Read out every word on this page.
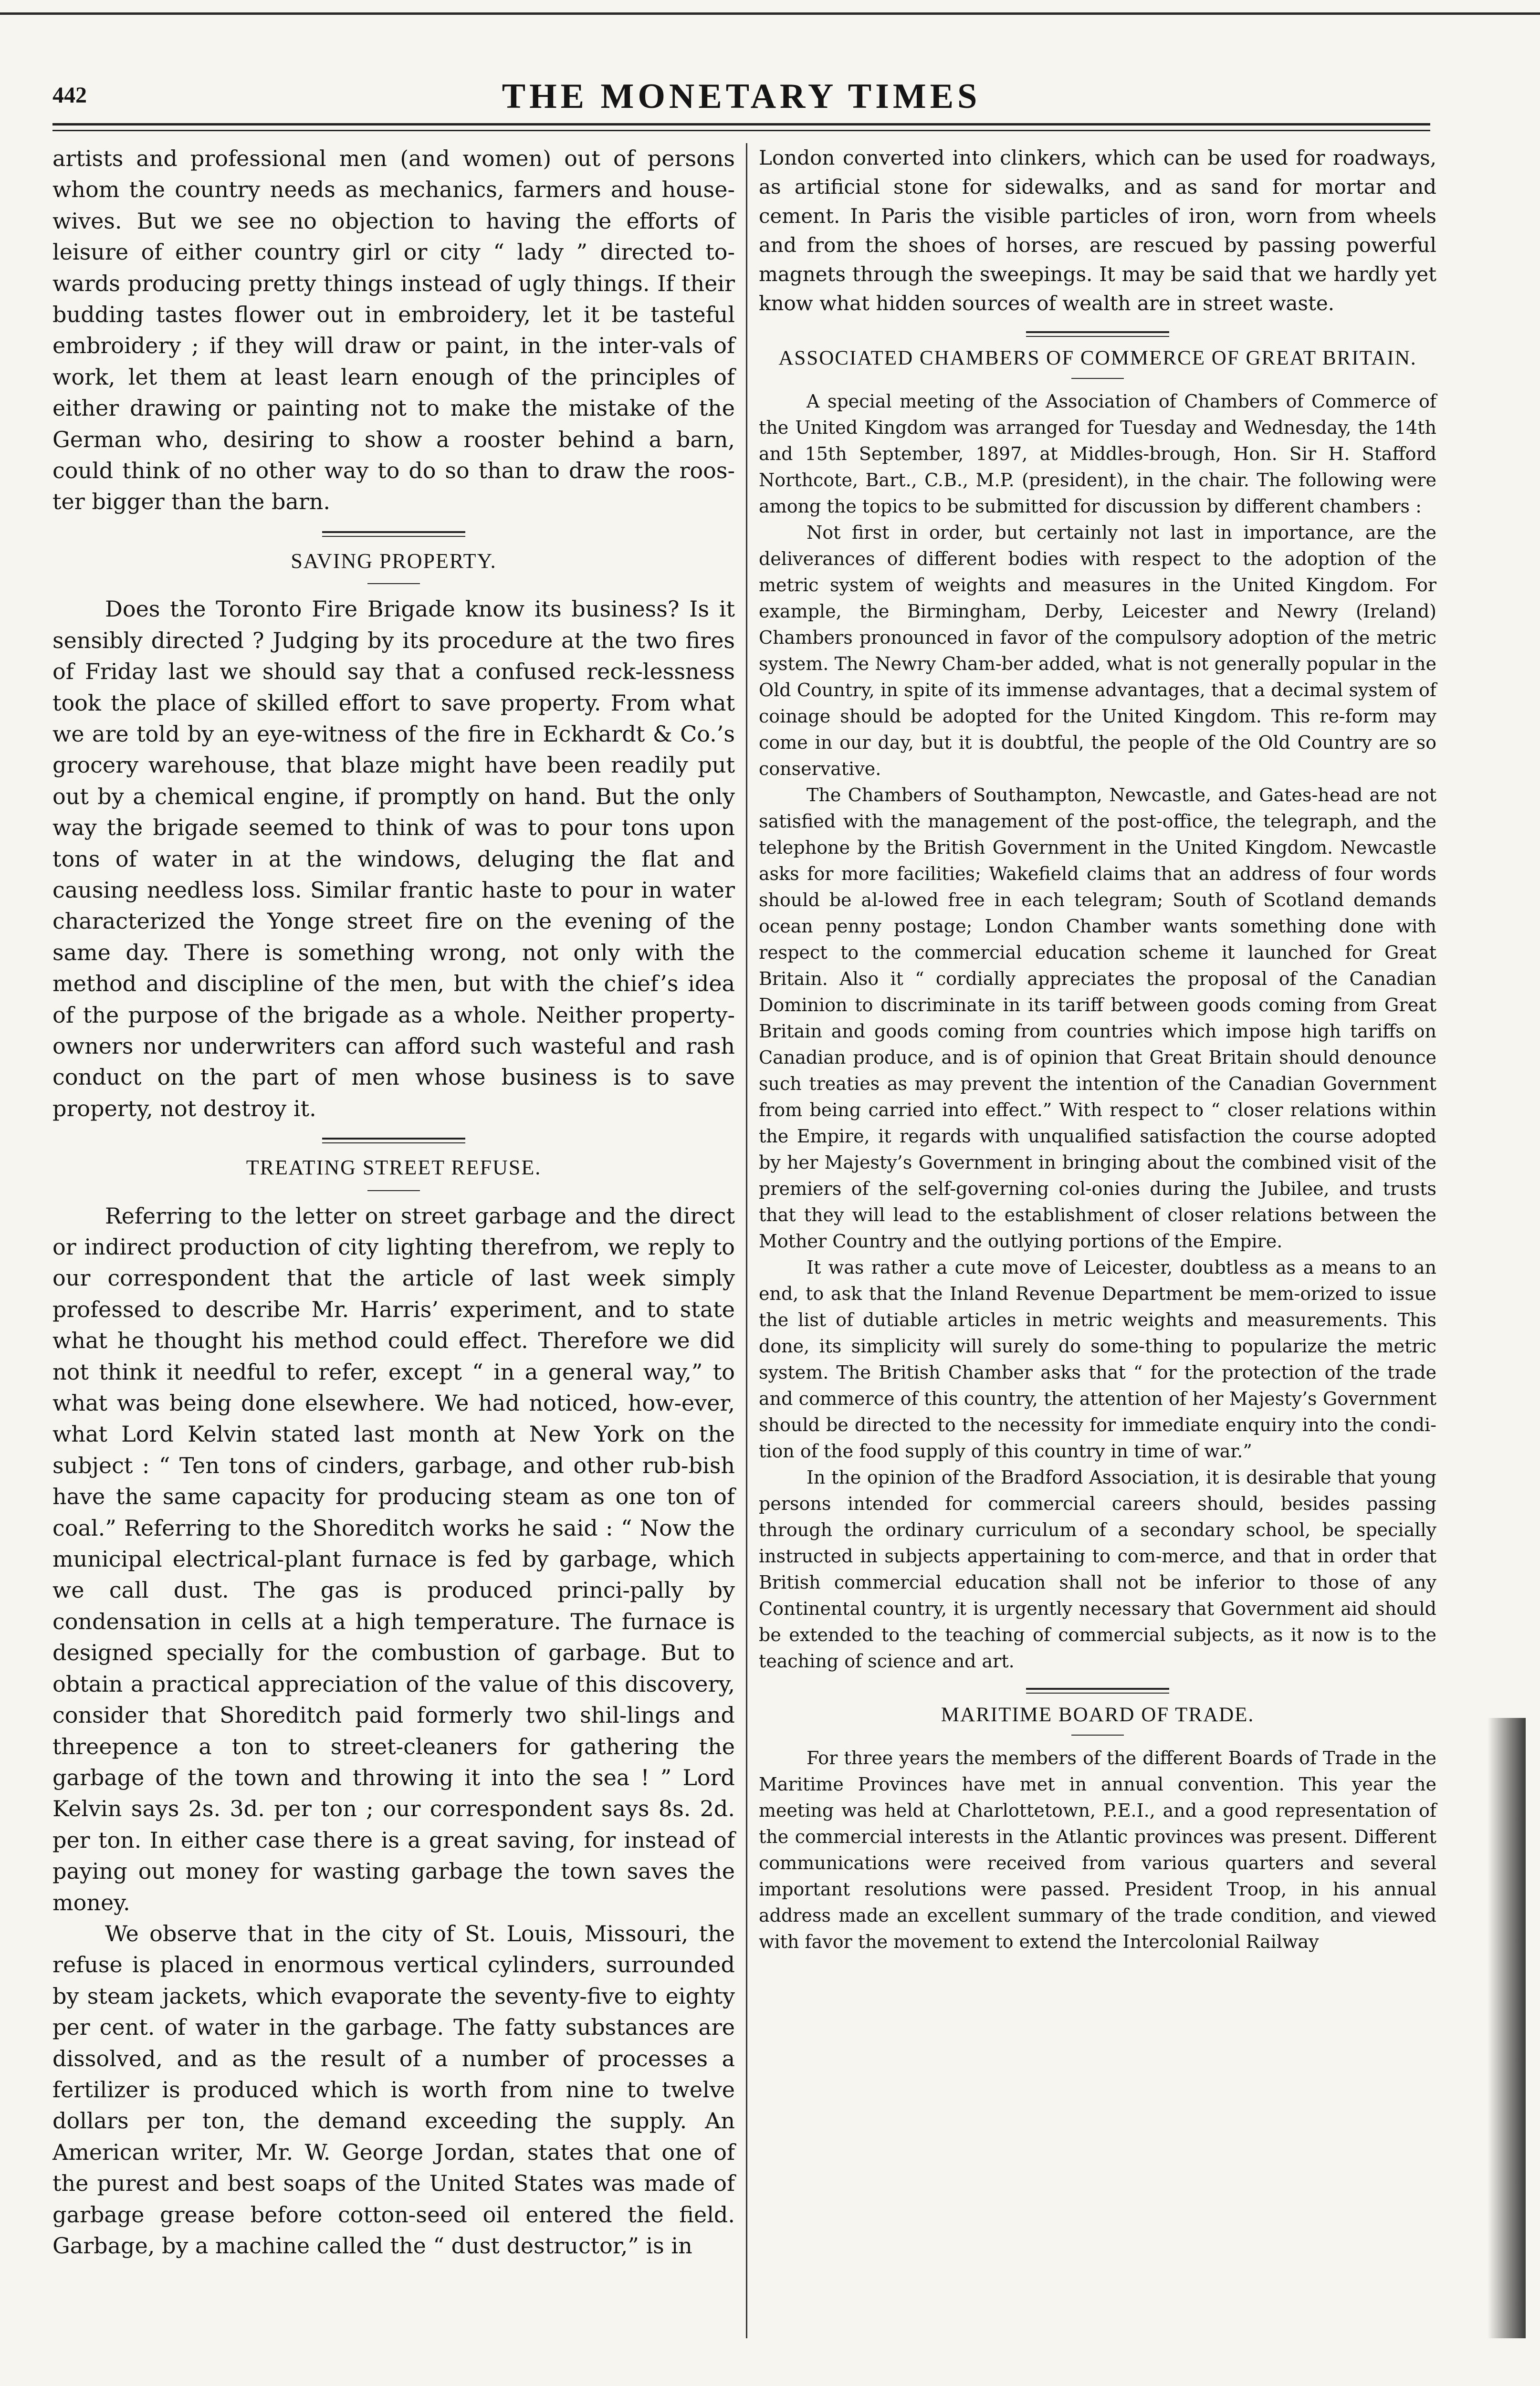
442	THE MONETARY TIMES

artists and professional men (and women) out of persons whom the country needs as mechanics, farmers and house-wives. But we see no objection to having the efforts of leisure of either country girl or city “ lady ” directed to-wards producing pretty things instead of ugly things. If their budding tastes flower out in embroidery, let it be tasteful embroidery ; if they will draw or paint, in the inter-vals of work, let them at least learn enough of the principles of either drawing or painting not to make the mistake of the German who, desiring to show a rooster behind a barn, could think of no other way to do so than to draw the roos-ter bigger than the barn.

SAVING PROPERTY.

Does the Toronto Fire Brigade know its business? Is it sensibly directed ? Judging by its procedure at the two fires of Friday last we should say that a confused reck-lessness took the place of skilled effort to save property. From what we are told by an eye-witness of the fire in Eckhardt & Co.’s grocery warehouse, that blaze might have been readily put out by a chemical engine, if promptly on hand. But the only way the brigade seemed to think of was to pour tons upon tons of water in at the windows, deluging the flat and causing needless loss. Similar frantic haste to pour in water characterized the Yonge street fire on the evening of the same day. There is something wrong, not only with the method and discipline of the men, but with the chief’s idea of the purpose of the brigade as a whole. Neither property-owners nor underwriters can afford such wasteful and rash conduct on the part of men whose business is to save property, not destroy it.

TREATING STREET REFUSE.

Referring to the letter on street garbage and the direct or indirect production of city lighting therefrom, we reply to our correspondent that the article of last week simply professed to describe Mr. Harris’ experiment, and to state what he thought his method could effect. Therefore we did not think it needful to refer, except “ in a general way,” to what was being done elsewhere. We had noticed, how-ever, what Lord Kelvin stated last month at New York on the subject : “ Ten tons of cinders, garbage, and other rub-bish have the same capacity for producing steam as one ton of coal.” Referring to the Shoreditch works he said : “ Now the municipal electrical-plant furnace is fed by garbage, which we call dust. The gas is produced princi-pally by condensation in cells at a high temperature. The furnace is designed specially for the combustion of garbage. But to obtain a practical appreciation of the value of this discovery, consider that Shoreditch paid formerly two shil-lings and threepence a ton to street-cleaners for gathering the garbage of the town and throwing it into the sea ! ” Lord Kelvin says 2s. 3d. per ton ; our correspondent says 8s. 2d. per ton. In either case there is a great saving, for instead of paying out money for wasting garbage the town saves the money.

We observe that in the city of St. Louis, Missouri, the refuse is placed in enormous vertical cylinders, surrounded by steam jackets, which evaporate the seventy-five to eighty per cent. of water in the garbage. The fatty substances are dissolved, and as the result of a number of processes a fertilizer is produced which is worth from nine to twelve dollars per ton, the demand exceeding the supply. An American writer, Mr. W. George Jordan, states that one of the purest and best soaps of the United States was made of garbage grease before cotton-seed oil entered the field. Garbage, by a machine called the “ dust destructor,” is in

London converted into clinkers, which can be used for roadways, as artificial stone for sidewalks, and as sand for mortar and cement. In Paris the visible particles of iron, worn from wheels and from the shoes of horses, are rescued by passing powerful magnets through the sweepings. It may be said that we hardly yet know what hidden sources of wealth are in street waste.

ASSOCIATED CHAMBERS OF COMMERCE OF GREAT BRITAIN.

A special meeting of the Association of Chambers of Commerce of the United Kingdom was arranged for Tuesday and Wednesday, the 14th and 15th September, 1897, at Middles-brough, Hon. Sir H. Stafford Northcote, Bart., C.B., M.P. (president), in the chair. The following were among the topics to be submitted for discussion by different chambers :

Not first in order, but certainly not last in importance, are the deliverances of different bodies with respect to the adoption of the metric system of weights and measures in the United Kingdom. For example, the Birmingham, Derby, Leicester and Newry (Ireland) Chambers pronounced in favor of the compulsory adoption of the metric system. The Newry Cham-ber added, what is not generally popular in the Old Country, in spite of its immense advantages, that a decimal system of coinage should be adopted for the United Kingdom. This re-form may come in our day, but it is doubtful, the people of the Old Country are so conservative.

The Chambers of Southampton, Newcastle, and Gates-head are not satisfied with the management of the post-office, the telegraph, and the telephone by the British Government in the United Kingdom. Newcastle asks for more facilities; Wakefield claims that an address of four words should be al-lowed free in each telegram; South of Scotland demands ocean penny postage; London Chamber wants something done with respect to the commercial education scheme it launched for Great Britain. Also it “ cordially appreciates the proposal of the Canadian Dominion to discriminate in its tariff between goods coming from Great Britain and goods coming from countries which impose high tariffs on Canadian produce, and is of opinion that Great Britain should denounce such treaties as may prevent the intention of the Canadian Government from being carried into effect.” With respect to “ closer relations within the Empire, it regards with unqualified satisfaction the course adopted by her Majesty’s Government in bringing about the combined visit of the premiers of the self-governing col-onies during the Jubilee, and trusts that they will lead to the establishment of closer relations between the Mother Country and the outlying portions of the Empire.

It was rather a cute move of Leicester, doubtless as a means to an end, to ask that the Inland Revenue Department be mem-orized to issue the list of dutiable articles in metric weights and measurements. This done, its simplicity will surely do some-thing to popularize the metric system. The British Chamber asks that “ for the protection of the trade and commerce of this country, the attention of her Majesty’s Government should be directed to the necessity for immediate enquiry into the condi-tion of the food supply of this country in time of war.”

In the opinion of the Bradford Association, it is desirable that young persons intended for commercial careers should, besides passing through the ordinary curriculum of a secondary school, be specially instructed in subjects appertaining to com-merce, and that in order that British commercial education shall not be inferior to those of any Continental country, it is urgently necessary that Government aid should be extended to the teaching of commercial subjects, as it now is to the teaching of science and art.

MARITIME BOARD OF TRADE.

For three years the members of the different Boards of Trade in the Maritime Provinces have met in annual convention. This year the meeting was held at Charlottetown, P.E.I., and a good representation of the commercial interests in the Atlantic provinces was present. Different communications were received from various quarters and several important resolutions were passed. President Troop, in his annual address made an excellent summary of the trade condition, and viewed with favor the movement to extend the Intercolonial Railway
